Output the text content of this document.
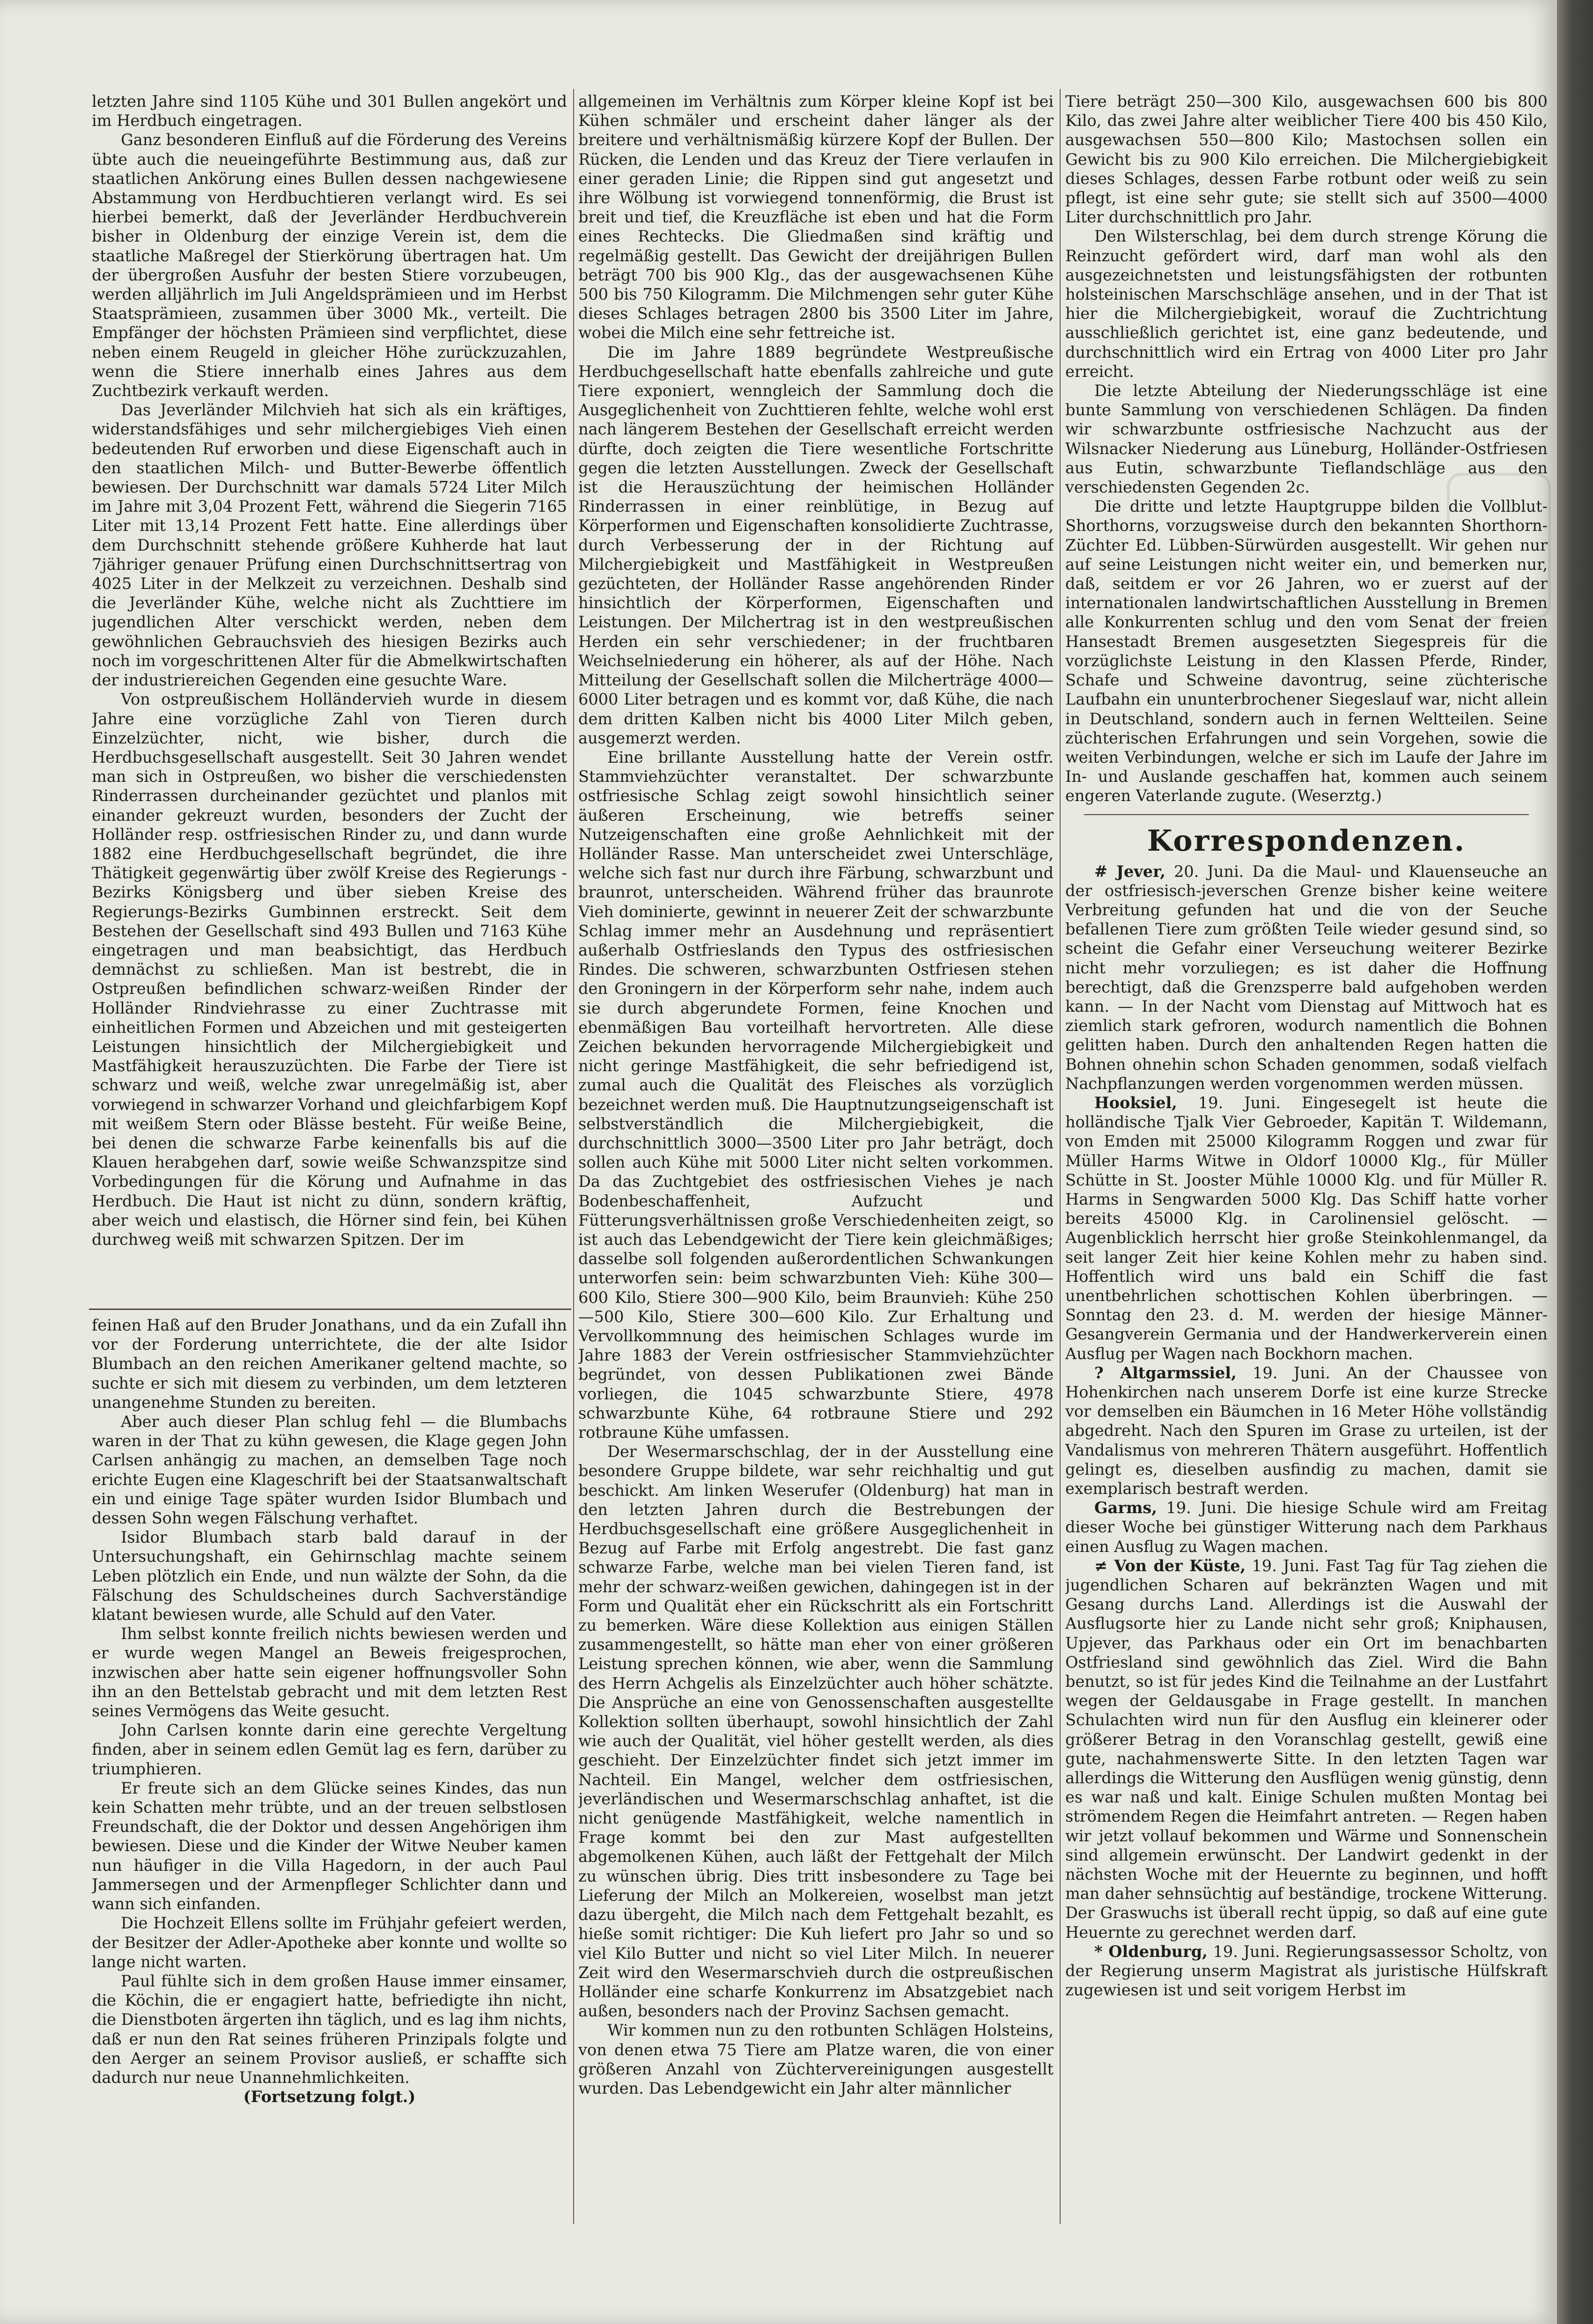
letzten Jahre sind 1105 Kühe und 301 Bullen angekört und im Herdbuch eingetragen.

Ganz besonderen Einfluß auf die Förderung des Vereins übte auch die neueingeführte Bestimmung aus, daß zur staatlichen Ankörung eines Bullen dessen nachgewiesene Abstammung von Herdbuchtieren verlangt wird. Es sei hierbei bemerkt, daß der Jeverländer Herdbuchverein bisher in Oldenburg der einzige Verein ist, dem die staatliche Maßregel der Stierkörung übertragen hat. Um der übergroßen Ausfuhr der besten Stiere vorzubeugen, werden alljährlich im Juli Angeldsprämieen und im Herbst Staatsprämieen, zusammen über 3000 Mk., verteilt. Die Empfänger der höchsten Prämieen sind verpflichtet, diese neben einem Reugeld in gleicher Höhe zurückzuzahlen, wenn die Stiere innerhalb eines Jahres aus dem Zuchtbezirk verkauft werden.

Das Jeverländer Milchvieh hat sich als ein kräftiges, widerstandsfähiges und sehr milchergiebiges Vieh einen bedeutenden Ruf erworben und diese Eigenschaft auch in den staatlichen Milch- und Butter-Bewerbe öffentlich bewiesen. Der Durchschnitt war damals 5724 Liter Milch im Jahre mit 3,04 Prozent Fett, während die Siegerin 7165 Liter mit 13,14 Prozent Fett hatte. Eine allerdings über dem Durchschnitt stehende größere Kuhherde hat laut 7jähriger genauer Prüfung einen Durchschnittsertrag von 4025 Liter in der Melkzeit zu verzeichnen. Deshalb sind die Jeverländer Kühe, welche nicht als Zuchttiere im jugendlichen Alter verschickt werden, neben dem gewöhnlichen Gebrauchsvieh des hiesigen Bezirks auch noch im vorgeschrittenen Alter für die Abmelkwirtschaften der industriereichen Gegenden eine gesuchte Ware.

Von ostpreußischem Holländervieh wurde in diesem Jahre eine vorzügliche Zahl von Tieren durch Einzelzüchter, nicht, wie bisher, durch die Herdbuchsgesellschaft ausgestellt. Seit 30 Jahren wendet man sich in Ostpreußen, wo bisher die verschiedensten Rinderrassen durcheinander gezüchtet und planlos mit einander gekreuzt wurden, besonders der Zucht der Holländer resp. ostfriesischen Rinder zu, und dann wurde 1882 eine Herdbuchgesellschaft begründet, die ihre Thätigkeit gegenwärtig über zwölf Kreise des Regierungs - Bezirks Königsberg und über sieben Kreise des Regierungs-Bezirks Gumbinnen erstreckt. Seit dem Bestehen der Gesellschaft sind 493 Bullen und 7163 Kühe eingetragen und man beabsichtigt, das Herdbuch demnächst zu schließen. Man ist bestrebt, die in Ostpreußen befindlichen schwarz-weißen Rinder der Holländer Rindviehrasse zu einer Zuchtrasse mit einheitlichen Formen und Abzeichen und mit gesteigerten Leistungen hinsichtlich der Milchergiebigkeit und Mastfähigkeit herauszuzüchten. Die Farbe der Tiere ist schwarz und weiß, welche zwar unregelmäßig ist, aber vorwiegend in schwarzer Vorhand und gleichfarbigem Kopf mit weißem Stern oder Blässe besteht. Für weiße Beine, bei denen die schwarze Farbe keinenfalls bis auf die Klauen herabgehen darf, sowie weiße Schwanzspitze sind Vorbedingungen für die Körung und Aufnahme in das Herdbuch. Die Haut ist nicht zu dünn, sondern kräftig, aber weich und elastisch, die Hörner sind fein, bei Kühen durchweg weiß mit schwarzen Spitzen. Der im

feinen Haß auf den Bruder Jonathans, und da ein Zufall ihn vor der Forderung unterrichtete, die der alte Isidor Blumbach an den reichen Amerikaner geltend machte, so suchte er sich mit diesem zu verbinden, um dem letzteren unangenehme Stunden zu bereiten.

Aber auch dieser Plan schlug fehl — die Blumbachs waren in der That zu kühn gewesen, die Klage gegen John Carlsen anhängig zu machen, an demselben Tage noch erichte Eugen eine Klageschrift bei der Staatsanwaltschaft ein und einige Tage später wurden Isidor Blumbach und dessen Sohn wegen Fälschung verhaftet.

Isidor Blumbach starb bald darauf in der Untersuchungshaft, ein Gehirnschlag machte seinem Leben plötzlich ein Ende, und nun wälzte der Sohn, da die Fälschung des Schuldscheines durch Sachverständige klatant bewiesen wurde, alle Schuld auf den Vater.

Ihm selbst konnte freilich nichts bewiesen werden und er wurde wegen Mangel an Beweis freigesprochen, inzwischen aber hatte sein eigener hoffnungsvoller Sohn ihn an den Bettelstab gebracht und mit dem letzten Rest seines Vermögens das Weite gesucht.

John Carlsen konnte darin eine gerechte Vergeltung finden, aber in seinem edlen Gemüt lag es fern, darüber zu triumphieren.

Er freute sich an dem Glücke seines Kindes, das nun kein Schatten mehr trübte, und an der treuen selbstlosen Freundschaft, die der Doktor und dessen Angehörigen ihm bewiesen. Diese und die Kinder der Witwe Neuber kamen nun häufiger in die Villa Hagedorn, in der auch Paul Jammersegen und der Armenpfleger Schlichter dann und wann sich einfanden.

Die Hochzeit Ellens sollte im Frühjahr gefeiert werden, der Besitzer der Adler-Apotheke aber konnte und wollte so lange nicht warten.

Paul fühlte sich in dem großen Hause immer einsamer, die Köchin, die er engagiert hatte, befriedigte ihn nicht, die Dienstboten ärgerten ihn täglich, und es lag ihm nichts, daß er nun den Rat seines früheren Prinzipals folgte und den Aerger an seinem Provisor ausließ, er schaffte sich dadurch nur neue Unannehmlichkeiten.

(Fortsetzung folgt.)

allgemeinen im Verhältnis zum Körper kleine Kopf ist bei Kühen schmäler und erscheint daher länger als der breitere und verhältnismäßig kürzere Kopf der Bullen. Der Rücken, die Lenden und das Kreuz der Tiere verlaufen in einer geraden Linie; die Rippen sind gut angesetzt und ihre Wölbung ist vorwiegend tonnenförmig, die Brust ist breit und tief, die Kreuzfläche ist eben und hat die Form eines Rechtecks. Die Gliedmaßen sind kräftig und regelmäßig gestellt. Das Gewicht der dreijährigen Bullen beträgt 700 bis 900 Klg., das der ausgewachsenen Kühe 500 bis 750 Kilogramm. Die Milchmengen sehr guter Kühe dieses Schlages betragen 2800 bis 3500 Liter im Jahre, wobei die Milch eine sehr fettreiche ist.

Die im Jahre 1889 begründete Westpreußische Herdbuchgesellschaft hatte ebenfalls zahlreiche und gute Tiere exponiert, wenngleich der Sammlung doch die Ausgeglichenheit von Zuchttieren fehlte, welche wohl erst nach längerem Bestehen der Gesellschaft erreicht werden dürfte, doch zeigten die Tiere wesentliche Fortschritte gegen die letzten Ausstellungen. Zweck der Gesellschaft ist die Herauszüchtung der heimischen Holländer Rinderrassen in einer reinblütige, in Bezug auf Körperformen und Eigenschaften konsolidierte Zuchtrasse, durch Verbesserung der in der Richtung auf Milchergiebigkeit und Mastfähigkeit in Westpreußen gezüchteten, der Holländer Rasse angehörenden Rinder hinsichtlich der Körperformen, Eigenschaften und Leistungen. Der Milchertrag ist in den westpreußischen Herden ein sehr verschiedener; in der fruchtbaren Weichselniederung ein höherer, als auf der Höhe. Nach Mitteilung der Gesellschaft sollen die Milcherträge 4000—6000 Liter betragen und es kommt vor, daß Kühe, die nach dem dritten Kalben nicht bis 4000 Liter Milch geben, ausgemerzt werden.

Eine brillante Ausstellung hatte der Verein ostfr. Stammviehzüchter veranstaltet. Der schwarzbunte ostfriesische Schlag zeigt sowohl hinsichtlich seiner äußeren Erscheinung, wie betreffs seiner Nutzeigenschaften eine große Aehnlichkeit mit der Holländer Rasse. Man unterscheidet zwei Unterschläge, welche sich fast nur durch ihre Färbung, schwarzbunt und braunrot, unterscheiden. Während früher das braunrote Vieh dominierte, gewinnt in neuerer Zeit der schwarzbunte Schlag immer mehr an Ausdehnung und repräsentiert außerhalb Ostfrieslands den Typus des ostfriesischen Rindes. Die schweren, schwarzbunten Ostfriesen stehen den Groningern in der Körperform sehr nahe, indem auch sie durch abgerundete Formen, feine Knochen und ebenmäßigen Bau vorteilhaft hervortreten. Alle diese Zeichen bekunden hervorragende Milchergiebigkeit und nicht geringe Mastfähigkeit, die sehr befriedigend ist, zumal auch die Qualität des Fleisches als vorzüglich bezeichnet werden muß. Die Hauptnutzungseigenschaft ist selbstverständlich die Milchergiebigkeit, die durchschnittlich 3000—3500 Liter pro Jahr beträgt, doch sollen auch Kühe mit 5000 Liter nicht selten vorkommen. Da das Zuchtgebiet des ostfriesischen Viehes je nach Bodenbeschaffenheit, Aufzucht und Fütterungsverhältnissen große Verschiedenheiten zeigt, so ist auch das Lebendgewicht der Tiere kein gleichmäßiges; dasselbe soll folgenden außerordentlichen Schwankungen unterworfen sein: beim schwarzbunten Vieh: Kühe 300—600 Kilo, Stiere 300—900 Kilo, beim Braunvieh: Kühe 250—500 Kilo, Stiere 300—600 Kilo. Zur Erhaltung und Vervollkommnung des heimischen Schlages wurde im Jahre 1883 der Verein ostfriesischer Stammviehzüchter begründet, von dessen Publikationen zwei Bände vorliegen, die 1045 schwarzbunte Stiere, 4978 schwarzbunte Kühe, 64 rotbraune Stiere und 292 rotbraune Kühe umfassen.

Der Wesermarschschlag, der in der Ausstellung eine besondere Gruppe bildete, war sehr reichhaltig und gut beschickt. Am linken Weserufer (Oldenburg) hat man in den letzten Jahren durch die Bestrebungen der Herdbuchsgesellschaft eine größere Ausgeglichenheit in Bezug auf Farbe mit Erfolg angestrebt. Die fast ganz schwarze Farbe, welche man bei vielen Tieren fand, ist mehr der schwarz-weißen gewichen, dahingegen ist in der Form und Qualität eher ein Rückschritt als ein Fortschritt zu bemerken. Wäre diese Kollektion aus einigen Ställen zusammengestellt, so hätte man eher von einer größeren Leistung sprechen können, wie aber, wenn die Sammlung des Herrn Achgelis als Einzelzüchter auch höher schätzte. Die Ansprüche an eine von Genossenschaften ausgestellte Kollektion sollten überhaupt, sowohl hinsichtlich der Zahl wie auch der Qualität, viel höher gestellt werden, als dies geschieht. Der Einzelzüchter findet sich jetzt immer im Nachteil. Ein Mangel, welcher dem ostfriesischen, jeverländischen und Wesermarschschlag anhaftet, ist die nicht genügende Mastfähigkeit, welche namentlich in Frage kommt bei den zur Mast aufgestellten abgemolkenen Kühen, auch läßt der Fettgehalt der Milch zu wünschen übrig. Dies tritt insbesondere zu Tage bei Lieferung der Milch an Molkereien, woselbst man jetzt dazu übergeht, die Milch nach dem Fettgehalt bezahlt, es hieße somit richtiger: Die Kuh liefert pro Jahr so und so viel Kilo Butter und nicht so viel Liter Milch. In neuerer Zeit wird den Wesermarschvieh durch die ostpreußischen Holländer eine scharfe Konkurrenz im Absatzgebiet nach außen, besonders nach der Provinz Sachsen gemacht.

Wir kommen nun zu den rotbunten Schlägen Holsteins, von denen etwa 75 Tiere am Platze waren, die von einer größeren Anzahl von Züchtervereinigungen ausgestellt wurden. Das Lebendgewicht ein Jahr alter männlicher

Tiere beträgt 250—300 Kilo, ausgewachsen 600 bis 800 Kilo, das zwei Jahre alter weiblicher Tiere 400 bis 450 Kilo, ausgewachsen 550—800 Kilo; Mastochsen sollen ein Gewicht bis zu 900 Kilo erreichen. Die Milchergiebigkeit dieses Schlages, dessen Farbe rotbunt oder weiß zu sein pflegt, ist eine sehr gute; sie stellt sich auf 3500—4000 Liter durchschnittlich pro Jahr.

Den Wilsterschlag, bei dem durch strenge Körung die Reinzucht gefördert wird, darf man wohl als den ausgezeichnetsten und leistungsfähigsten der rotbunten holsteinischen Marschschläge ansehen, und in der That ist hier die Milchergiebigkeit, worauf die Zuchtrichtung ausschließlich gerichtet ist, eine ganz bedeutende, und durchschnittlich wird ein Ertrag von 4000 Liter pro Jahr erreicht.

Die letzte Abteilung der Niederungsschläge ist eine bunte Sammlung von verschiedenen Schlägen. Da finden wir schwarzbunte ostfriesische Nachzucht aus der Wilsnacker Niederung aus Lüneburg, Holländer-Ostfriesen aus Eutin, schwarzbunte Tieflandschläge aus den verschiedensten Gegenden 2c.

Die dritte und letzte Hauptgruppe bilden die Vollblut-Shorthorns, vorzugsweise durch den bekannten Shorthorn-Züchter Ed. Lübben-Sürwürden ausgestellt. Wir gehen nur auf seine Leistungen nicht weiter ein, und bemerken nur, daß, seitdem er vor 26 Jahren, wo er zuerst auf der internationalen landwirtschaftlichen Ausstellung in Bremen alle Konkurrenten schlug und den vom Senat der freien Hansestadt Bremen ausgesetzten Siegespreis für die vorzüglichste Leistung in den Klassen Pferde, Rinder, Schafe und Schweine davontrug, seine züchterische Laufbahn ein ununterbrochener Siegeslauf war, nicht allein in Deutschland, sondern auch in fernen Weltteilen. Seine züchterischen Erfahrungen und sein Vorgehen, sowie die weiten Verbindungen, welche er sich im Laufe der Jahre im In- und Auslande geschaffen hat, kommen auch seinem engeren Vaterlande zugute. (Weserztg.)

Korrespondenzen.

# Jever, 20. Juni. Da die Maul- und Klauenseuche an der ostfriesisch-jeverschen Grenze bisher keine weitere Verbreitung gefunden hat und die von der Seuche befallenen Tiere zum größten Teile wieder gesund sind, so scheint die Gefahr einer Verseuchung weiterer Bezirke nicht mehr vorzuliegen; es ist daher die Hoffnung berechtigt, daß die Grenzsperre bald aufgehoben werden kann. — In der Nacht vom Dienstag auf Mittwoch hat es ziemlich stark gefroren, wodurch namentlich die Bohnen gelitten haben. Durch den anhaltenden Regen hatten die Bohnen ohnehin schon Schaden genommen, sodaß vielfach Nachpflanzungen werden vorgenommen werden müssen.

Hooksiel, 19. Juni. Eingesegelt ist heute die holländische Tjalk Vier Gebroeder, Kapitän T. Wildemann, von Emden mit 25000 Kilogramm Roggen und zwar für Müller Harms Witwe in Oldorf 10000 Klg., für Müller Schütte in St. Jooster Mühle 10000 Klg. und für Müller R. Harms in Sengwarden 5000 Klg. Das Schiff hatte vorher bereits 45000 Klg. in Carolinensiel gelöscht. — Augenblicklich herrscht hier große Steinkohlenmangel, da seit langer Zeit hier keine Kohlen mehr zu haben sind. Hoffentlich wird uns bald ein Schiff die fast unentbehrlichen schottischen Kohlen überbringen. — Sonntag den 23. d. M. werden der hiesige Männer-Gesangverein Germania und der Handwerkerverein einen Ausflug per Wagen nach Bockhorn machen.

? Altgarmssiel, 19. Juni. An der Chaussee von Hohenkirchen nach unserem Dorfe ist eine kurze Strecke vor demselben ein Bäumchen in 16 Meter Höhe vollständig abgedreht. Nach den Spuren im Grase zu urteilen, ist der Vandalismus von mehreren Thätern ausgeführt. Hoffentlich gelingt es, dieselben ausfindig zu machen, damit sie exemplarisch bestraft werden.

Garms, 19. Juni. Die hiesige Schule wird am Freitag dieser Woche bei günstiger Witterung nach dem Parkhaus einen Ausflug zu Wagen machen.

≠ Von der Küste, 19. Juni. Fast Tag für Tag ziehen die jugendlichen Scharen auf bekränzten Wagen und mit Gesang durchs Land. Allerdings ist die Auswahl der Ausflugsorte hier zu Lande nicht sehr groß; Kniphausen, Upjever, das Parkhaus oder ein Ort im benachbarten Ostfriesland sind gewöhnlich das Ziel. Wird die Bahn benutzt, so ist für jedes Kind die Teilnahme an der Lustfahrt wegen der Geldausgabe in Frage gestellt. In manchen Schulachten wird nun für den Ausflug ein kleinerer oder größerer Betrag in den Voranschlag gestellt, gewiß eine gute, nachahmenswerte Sitte. In den letzten Tagen war allerdings die Witterung den Ausflügen wenig günstig, denn es war naß und kalt. Einige Schulen mußten Montag bei strömendem Regen die Heimfahrt antreten. — Regen haben wir jetzt vollauf bekommen und Wärme und Sonnenschein sind allgemein erwünscht. Der Landwirt gedenkt in der nächsten Woche mit der Heuernte zu beginnen, und hofft man daher sehnsüchtig auf beständige, trockene Witterung. Der Graswuchs ist überall recht üppig, so daß auf eine gute Heuernte zu gerechnet werden darf.

* Oldenburg, 19. Juni. Regierungsassessor Scholtz, von der Regierung unserm Magistrat als juristische Hülfskraft zugewiesen ist und seit vorigem Herbst im
